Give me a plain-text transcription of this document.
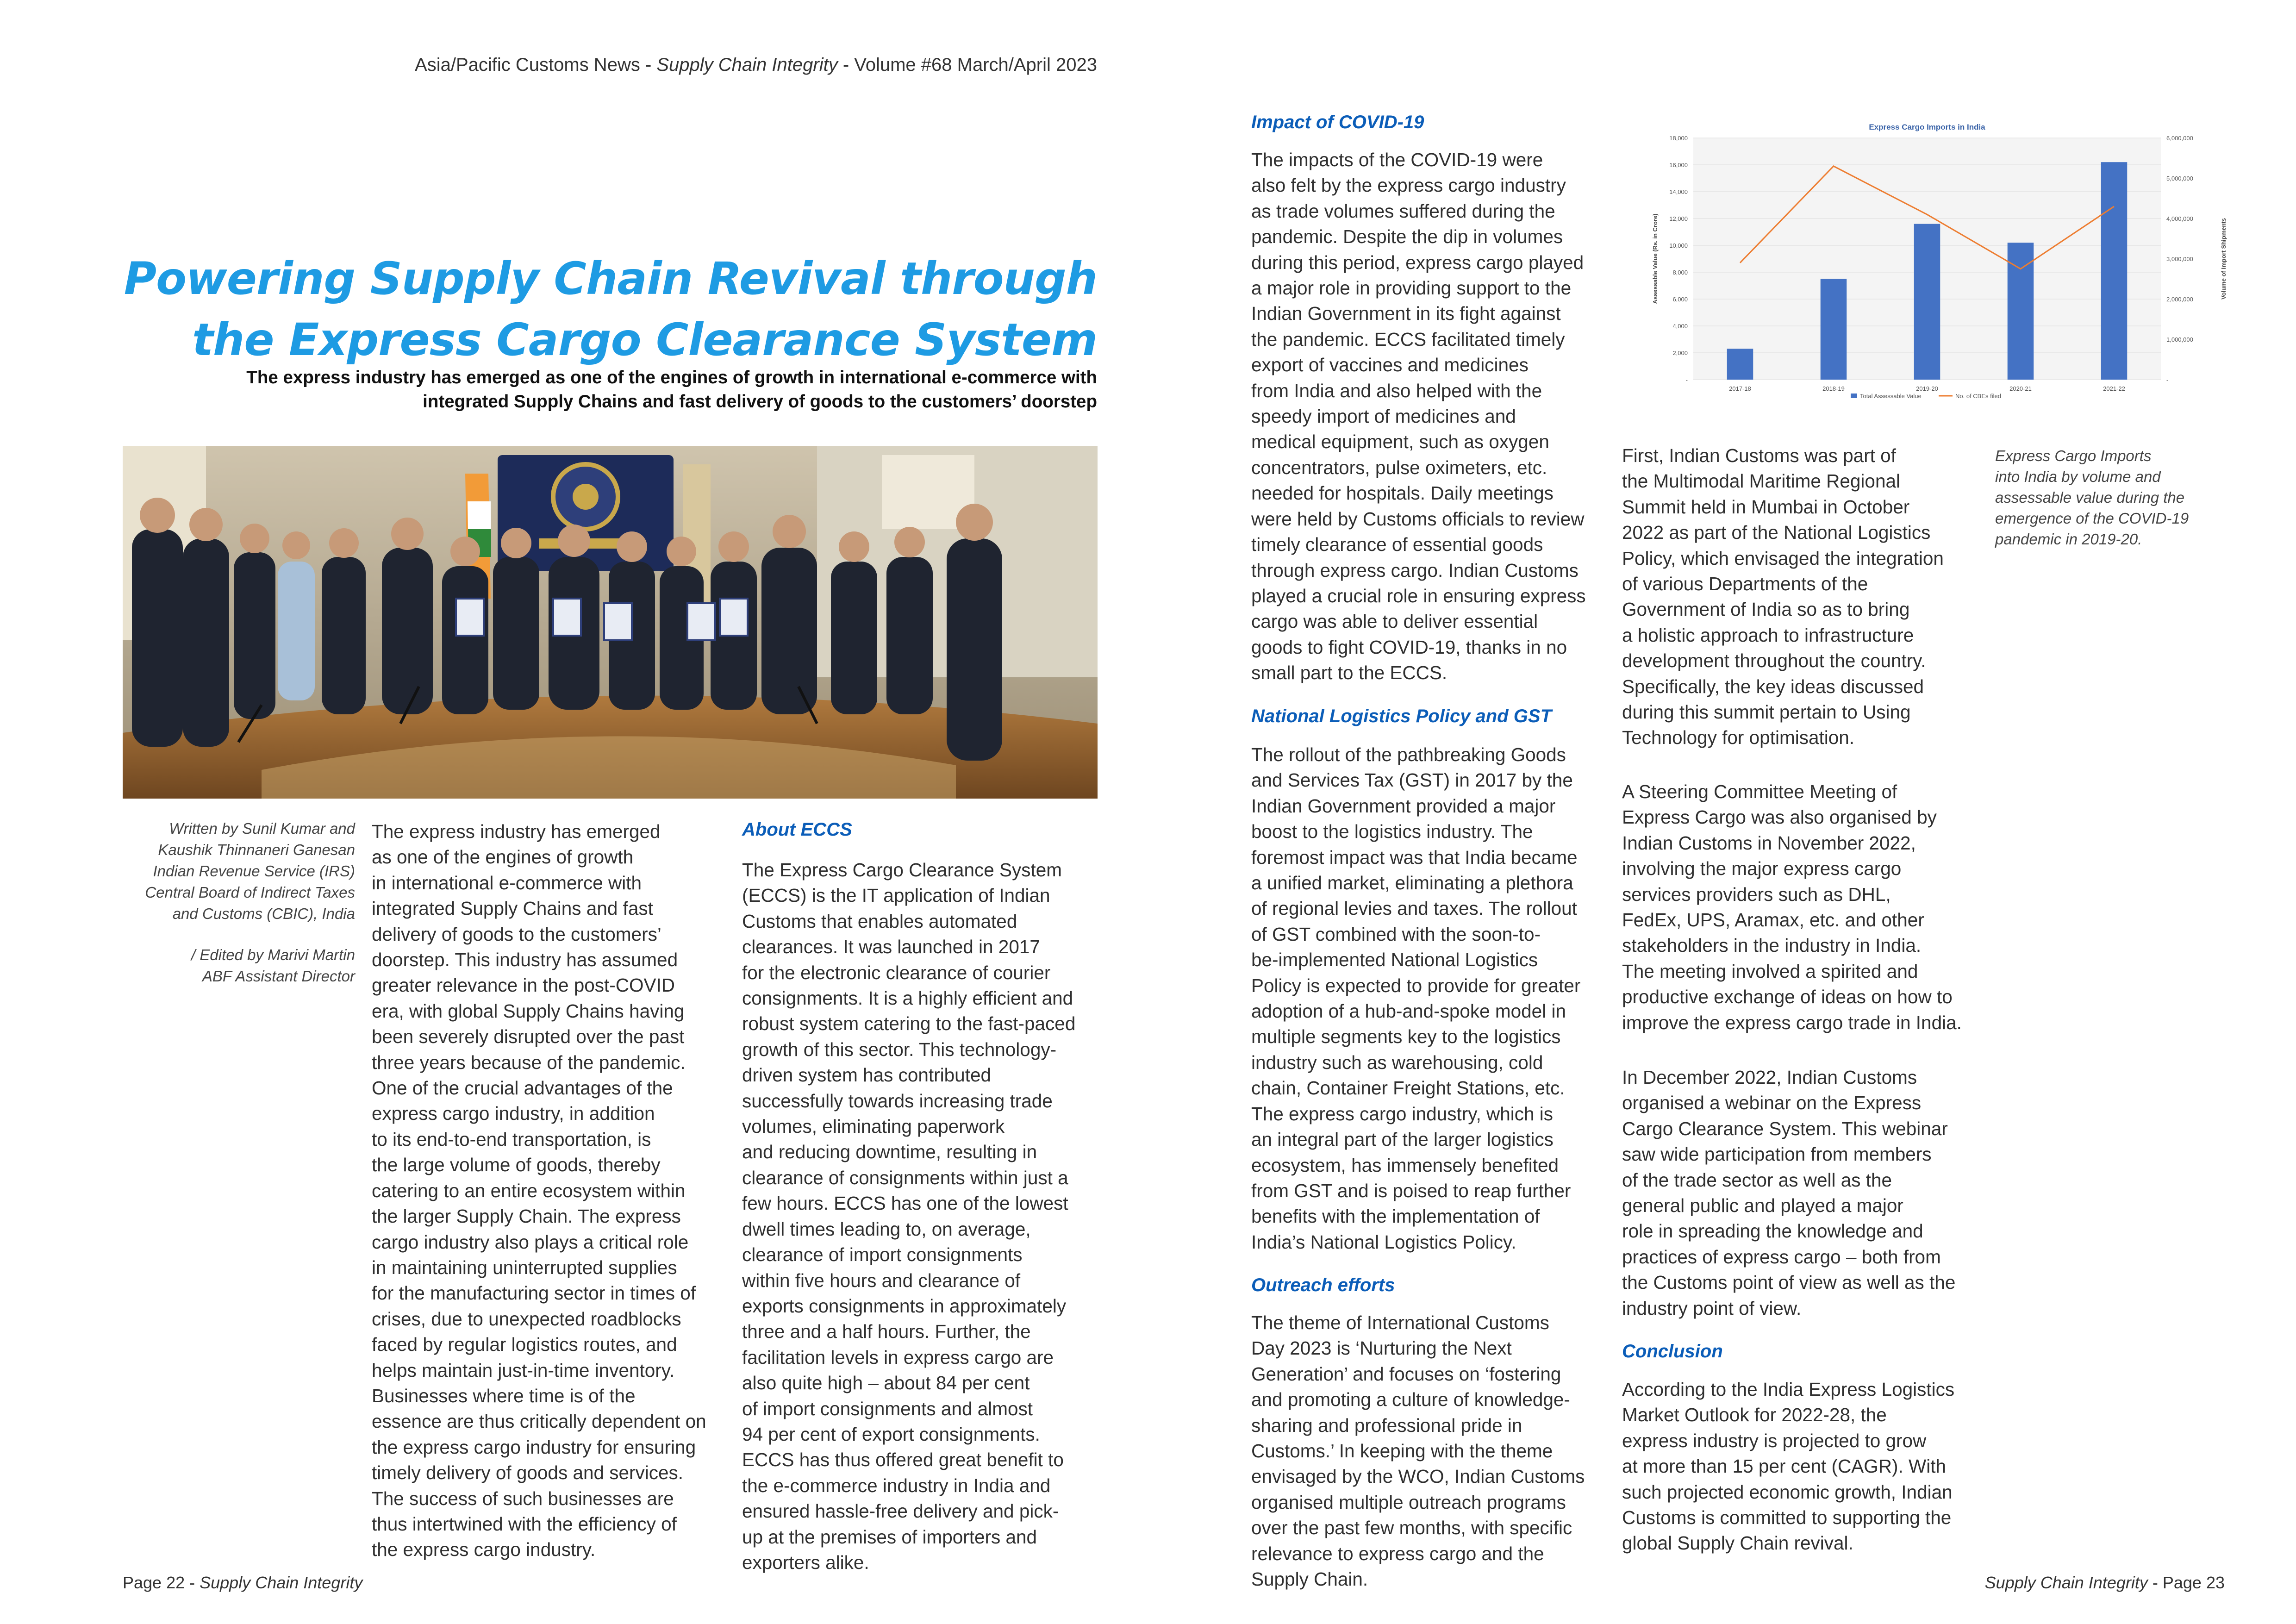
Asia/Pacific Customs News - Supply Chain Integrity - Volume #68 March/April 2023
Powering Supply Chain Revival through
the Express Cargo Clearance System
The express industry has emerged as one of the engines of growth in international e-commerce with
integrated Supply Chains and fast delivery of goods to the customers’ doorstep
Written by Sunil Kumar and
Kaushik Thinnaneri Ganesan
Indian Revenue Service (IRS)
Central Board of Indirect Taxes
and Customs (CBIC), India
/ Edited by Marivi Martin
ABF Assistant Director
The express industry has emerged
as one of the engines of growth
in international e-commerce with
integrated Supply Chains and fast
delivery of goods to the customers’
doorstep. This industry has assumed
greater relevance in the post-COVID
era, with global Supply Chains having
been severely disrupted over the past
three years because of the pandemic.
One of the crucial advantages of the
express cargo industry, in addition
to its end-to-end transportation, is
the large volume of goods, thereby
catering to an entire ecosystem within
the larger Supply Chain. The express
cargo industry also plays a critical role
in maintaining uninterrupted supplies
for the manufacturing sector in times of
crises, due to unexpected roadblocks
faced by regular logistics routes, and
helps maintain just-in-time inventory.
Businesses where time is of the
essence are thus critically dependent on
the express cargo industry for ensuring
timely delivery of goods and services.
The success of such businesses are
thus intertwined with the efficiency of
the express cargo industry.
About ECCS
The Express Cargo Clearance System
(ECCS) is the IT application of Indian
Customs that enables automated
clearances. It was launched in 2017
for the electronic clearance of courier
consignments. It is a highly efficient and
robust system catering to the fast-paced
growth of this sector. This technology-
driven system has contributed
successfully towards increasing trade
volumes, eliminating paperwork
and reducing downtime, resulting in
clearance of consignments within just a
few hours. ECCS has one of the lowest
dwell times leading to, on average,
clearance of import consignments
within five hours and clearance of
exports consignments in approximately
three and a half hours. Further, the
facilitation levels in express cargo are
also quite high – about 84 per cent
of import consignments and almost
94 per cent of export consignments.
ECCS has thus offered great benefit to
the e-commerce industry in India and
ensured hassle-free delivery and pick-
up at the premises of importers and
exporters alike.
Impact of COVID-19
The impacts of the COVID-19 were
also felt by the express cargo industry
as trade volumes suffered during the
pandemic. Despite the dip in volumes
during this period, express cargo played
a major role in providing support to the
Indian Government in its fight against
the pandemic. ECCS facilitated timely
export of vaccines and medicines
from India and also helped with the
speedy import of medicines and
medical equipment, such as oxygen
concentrators, pulse oximeters, etc.
needed for hospitals. Daily meetings
were held by Customs officials to review
timely clearance of essential goods
through express cargo. Indian Customs
played a crucial role in ensuring express
cargo was able to deliver essential
goods to fight COVID-19, thanks in no
small part to the ECCS.
National Logistics Policy and GST
The rollout of the pathbreaking Goods
and Services Tax (GST) in 2017 by the
Indian Government provided a major
boost to the logistics industry. The
foremost impact was that India became
a unified market, eliminating a plethora
of regional levies and taxes. The rollout
of GST combined with the soon-to-
be-implemented National Logistics
Policy is expected to provide for greater
adoption of a hub-and-spoke model in
multiple segments key to the logistics
industry such as warehousing, cold
chain, Container Freight Stations, etc.
The express cargo industry, which is
an integral part of the larger logistics
ecosystem, has immensely benefited
from GST and is poised to reap further
benefits with the implementation of
India’s National Logistics Policy.
Outreach efforts
The theme of International Customs
Day 2023 is ‘Nurturing the Next
Generation’ and focuses on ‘fostering
and promoting a culture of knowledge-
sharing and professional pride in
Customs.’ In keeping with the theme
envisaged by the WCO, Indian Customs
organised multiple outreach programs
over the past few months, with specific
relevance to express cargo and the
Supply Chain.
Express Cargo Imports in India
-
2,000
4,000
6,000
8,000
10,000
12,000
14,000
16,000
18,000
-
1,000,000
2,000,000
3,000,000
4,000,000
5,000,000
6,000,000
Assessable Value (Rs. in Crore)	Volume of Import Shipments
2017-18	2018-19	2019-20	2020-21	2021-22
Total Assessable Value	No. of CBEs filed
Express Cargo Imports
into India by volume and
assessable value during the
emergence of the COVID-19
pandemic in 2019-20.
First, Indian Customs was part of
the Multimodal Maritime Regional
Summit held in Mumbai in October
2022 as part of the National Logistics
Policy, which envisaged the integration
of various Departments of the
Government of India so as to bring
a holistic approach to infrastructure
development throughout the country.
Specifically, the key ideas discussed
during this summit pertain to Using
Technology for optimisation.
A Steering Committee Meeting of
Express Cargo was also organised by
Indian Customs in November 2022,
involving the major express cargo
services providers such as DHL,
FedEx, UPS, Aramax, etc. and other
stakeholders in the industry in India.
The meeting involved a spirited and
productive exchange of ideas on how to
improve the express cargo trade in India.
In December 2022, Indian Customs
organised a webinar on the Express
Cargo Clearance System. This webinar
saw wide participation from members
of the trade sector as well as the
general public and played a major
role in spreading the knowledge and
practices of express cargo – both from
the Customs point of view as well as the
industry point of view.
Conclusion
According to the India Express Logistics
Market Outlook for 2022-28, the
express industry is projected to grow
at more than 15 per cent (CAGR). With
such projected economic growth, Indian
Customs is committed to supporting the
global Supply Chain revival.
Page 22 - Supply Chain Integrity	Supply Chain Integrity - Page 23
